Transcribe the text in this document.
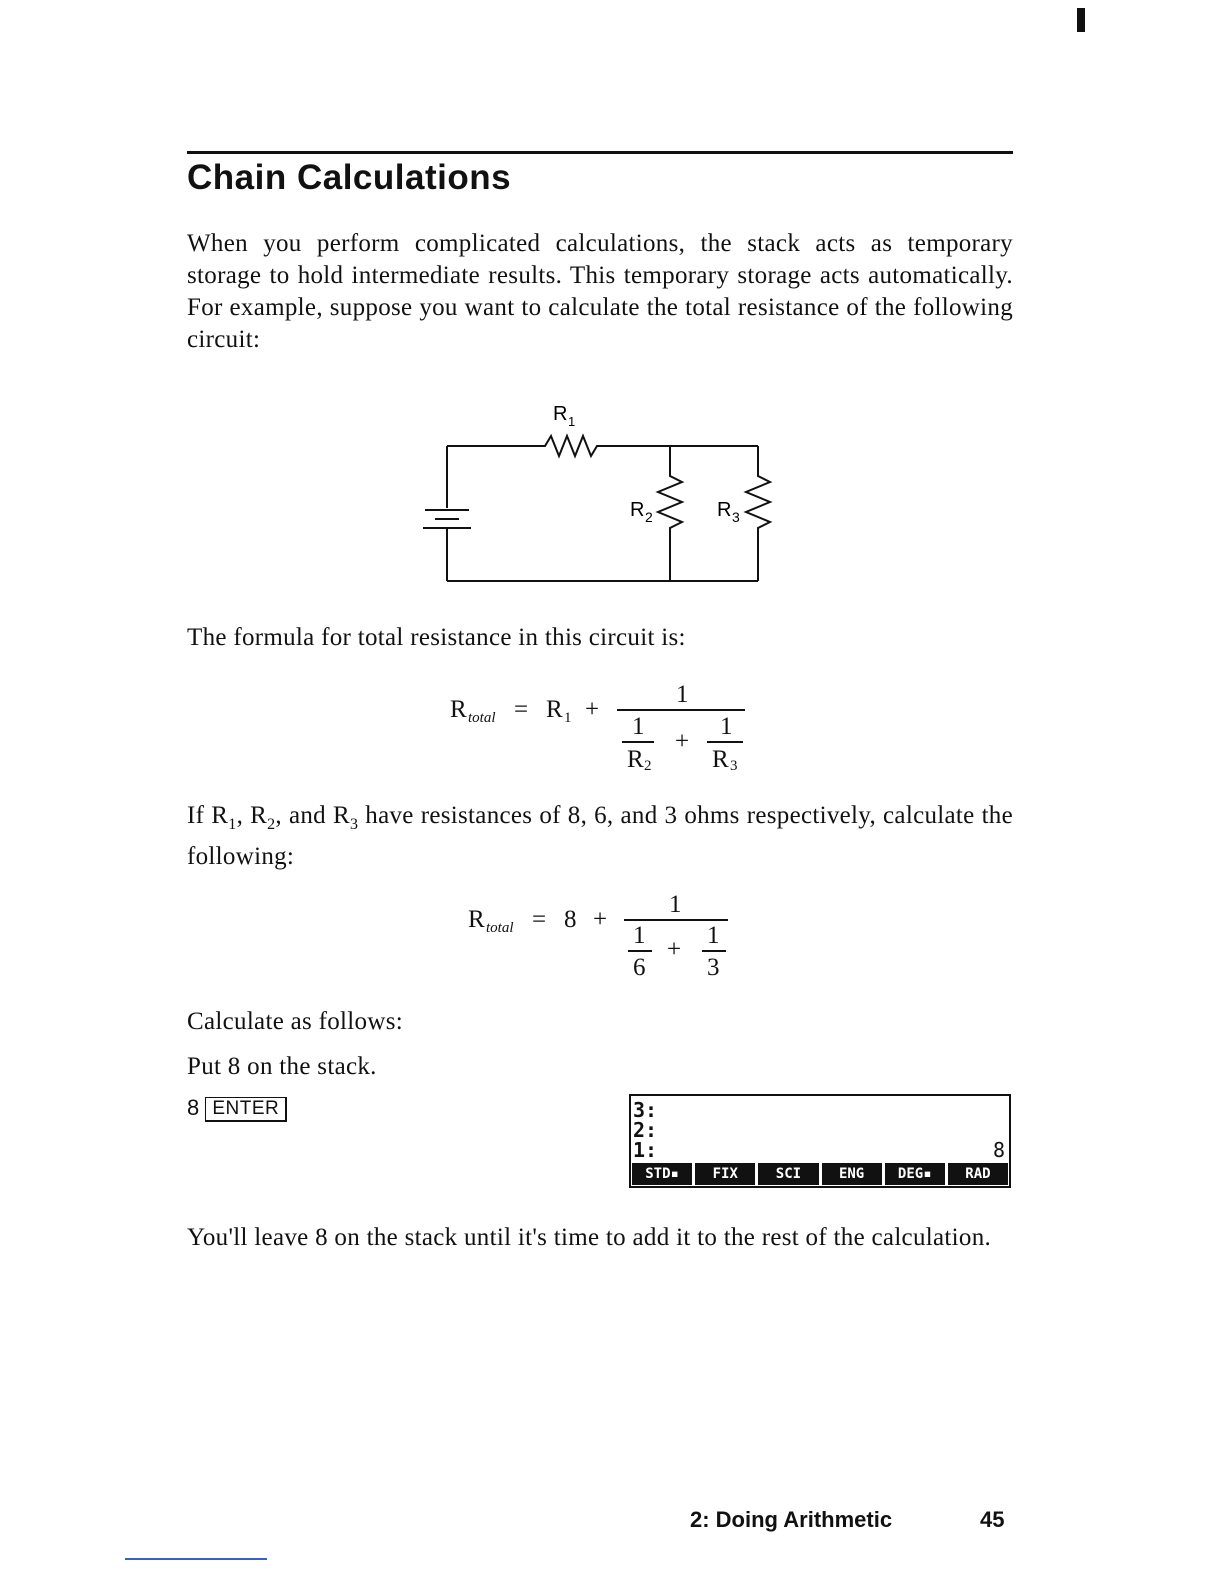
Chain Calculations

When you perform complicated calculations, the stack acts as temporary storage to hold intermediate results. This temporary storage acts automatically. For example, suppose you want to calculate the total resistance of the following circuit:

R 1
R 2	R 3

The formula for total resistance in this circuit is:

R total = R 1 +
1
1
R 2
+
1
R 3

If $R_1$, $R_2$, and $R_3$ have resistances of 8, 6, and 3 ohms respectively, calculate the following:

R total = 8 +
1
1
6
+
1
3

Calculate as follows:

Put 8 on the stack.

8 ENTER	3:
2:
1:	8
STD▪	FIX	SCI	ENG	DEG▪	RAD

You'll leave 8 on the stack until it's time to add it to the rest of the calculation.

2: Doing Arithmetic	45
